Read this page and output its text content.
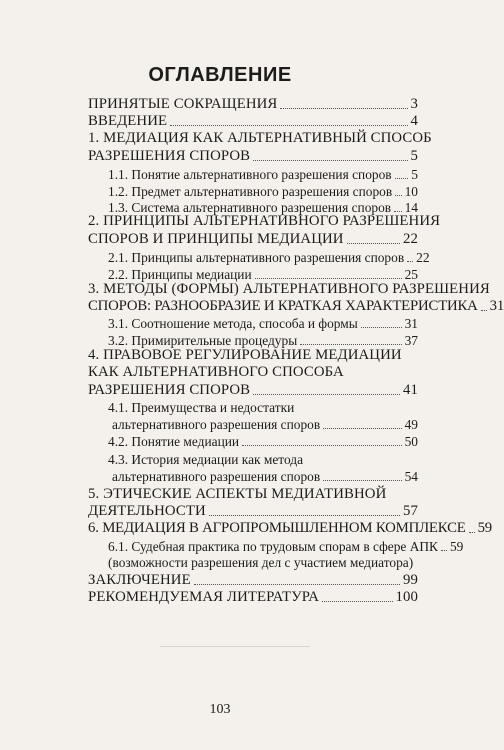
ОГЛАВЛЕНИЕ
ПРИНЯТЫЕ СОКРАЩЕНИЯ	3
ВВЕДЕНИЕ	4
1. МЕДИАЦИЯ КАК АЛЬТЕРНАТИВНЫЙ СПОСОБ
РАЗРЕШЕНИЯ СПОРОВ	5
1.1. Понятие альтернативного разрешения споров 5
1.2. Предмет альтернативного разрешения споров 10
1.3. Система альтернативного разрешения споров 14
2. ПРИНЦИПЫ АЛЬТЕРНАТИВНОГО РАЗРЕШЕНИЯ
СПОРОВ И ПРИНЦИПЫ МЕДИАЦИИ	22
2.1. Принципы альтернативного разрешения споров 22
2.2. Принципы медиации	25
3. МЕТОДЫ (ФОРМЫ) АЛЬТЕРНАТИВНОГО РАЗРЕШЕНИЯ
СПОРОВ: РАЗНООБРАЗИЕ И КРАТКАЯ ХАРАКТЕРИСТИКА 31
3.1. Соотношение метода, способа и формы	31
3.2. Примирительные процедуры	37
4. ПРАВОВОЕ РЕГУЛИРОВАНИЕ МЕДИАЦИИ
КАК АЛЬТЕРНАТИВНОГО СПОСОБА
РАЗРЕШЕНИЯ СПОРОВ	41
4.1. Преимущества и недостатки
альтернативного разрешения споров	49
4.2. Понятие медиации	50
4.3. История медиации как метода
альтернативного разрешения споров	54
5. ЭТИЧЕСКИЕ АСПЕКТЫ МЕДИАТИВНОЙ
ДЕЯТЕЛЬНОСТИ	57
6. МЕДИАЦИЯ В АГРОПРОМЫШЛЕННОМ КОМПЛЕКСЕ 59
6.1. Судебная практика по трудовым спорам в сфере АПК 59
(возможности разрешения дел с участием медиатора)
ЗАКЛЮЧЕНИЕ	99
РЕКОМЕНДУЕМАЯ ЛИТЕРАТУРА	100
103
